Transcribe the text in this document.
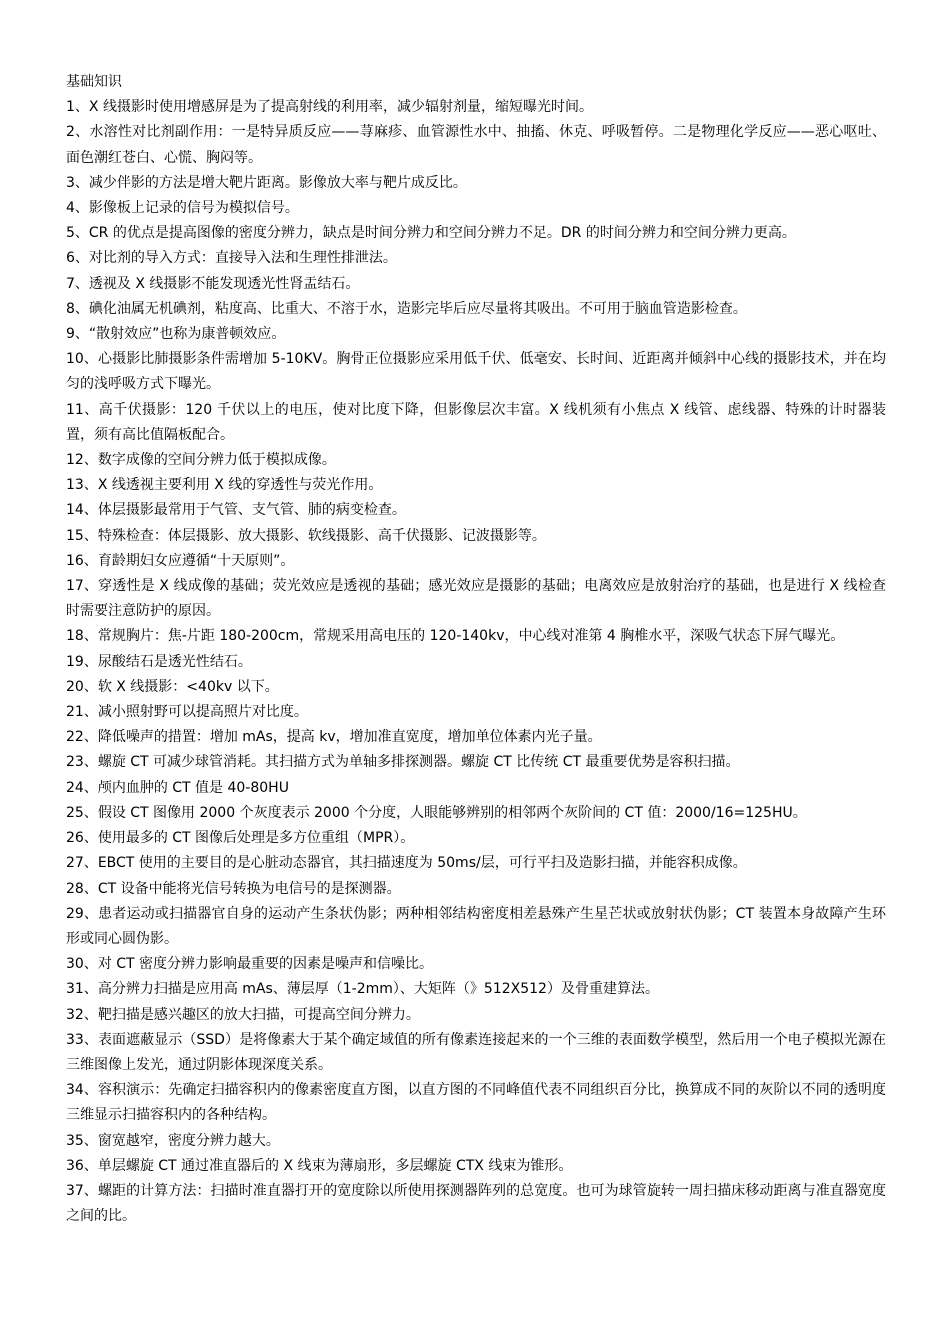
基础知识

1、X 线摄影时使用增感屏是为了提高射线的利用率，减少辐射剂量，缩短曝光时间。

2、水溶性对比剂副作用：一是特异质反应——荨麻疹、血管源性水中、抽搐、休克、呼吸暂停。二是物理化学反应——恶心呕吐、面色潮红苍白、心慌、胸闷等。

3、减少伴影的方法是增大靶片距离。影像放大率与靶片成反比。

4、影像板上记录的信号为模拟信号。

5、CR 的优点是提高图像的密度分辨力，缺点是时间分辨力和空间分辨力不足。DR 的时间分辨力和空间分辨力更高。

6、对比剂的导入方式：直接导入法和生理性排泄法。

7、透视及 X 线摄影不能发现透光性肾盂结石。

8、碘化油属无机碘剂，粘度高、比重大、不溶于水，造影完毕后应尽量将其吸出。不可用于脑血管造影检查。

9、“散射效应”也称为康普顿效应。

10、心摄影比肺摄影条件需增加 5-10KV。胸骨正位摄影应采用低千伏、低毫安、长时间、近距离并倾斜中心线的摄影技术，并在均匀的浅呼吸方式下曝光。

11、高千伏摄影：120 千伏以上的电压，使对比度下降，但影像层次丰富。X 线机须有小焦点 X 线管、虑线器、特殊的计时器装置，须有高比值隔板配合。

12、数字成像的空间分辨力低于模拟成像。

13、X 线透视主要利用 X 线的穿透性与荧光作用。

14、体层摄影最常用于气管、支气管、肺的病变检查。

15、特殊检查：体层摄影、放大摄影、软线摄影、高千伏摄影、记波摄影等。

16、育龄期妇女应遵循“十天原则”。

17、穿透性是 X 线成像的基础；荧光效应是透视的基础；感光效应是摄影的基础；电离效应是放射治疗的基础，也是进行 X 线检查时需要注意防护的原因。

18、常规胸片：焦-片距 180-200cm，常规采用高电压的 120-140kv，中心线对准第 4 胸椎水平，深吸气状态下屏气曝光。

19、尿酸结石是透光性结石。

20、软 X 线摄影：<40kv 以下。

21、减小照射野可以提高照片对比度。

22、降低噪声的措置：增加 mAs，提高 kv，增加准直宽度，增加单位体素内光子量。

23、螺旋 CT 可减少球管消耗。其扫描方式为单轴多排探测器。螺旋 CT 比传统 CT 最重要优势是容积扫描。

24、颅内血肿的 CT 值是 40-80HU

25、假设 CT 图像用 2000 个灰度表示 2000 个分度，人眼能够辨别的相邻两个灰阶间的 CT 值：2000/16=125HU。

26、使用最多的 CT 图像后处理是多方位重组（MPR）。

27、EBCT 使用的主要目的是心脏动态器官，其扫描速度为 50ms/层，可行平扫及造影扫描，并能容积成像。

28、CT 设备中能将光信号转换为电信号的是探测器。

29、患者运动或扫描器官自身的运动产生条状伪影；两种相邻结构密度相差悬殊产生星芒状或放射状伪影；CT 装置本身故障产生环形或同心圆伪影。

30、对 CT 密度分辨力影响最重要的因素是噪声和信噪比。

31、高分辨力扫描是应用高 mAs、薄层厚（1-2mm）、大矩阵（》512X512）及骨重建算法。

32、靶扫描是感兴趣区的放大扫描，可提高空间分辨力。

33、表面遮蔽显示（SSD）是将像素大于某个确定域值的所有像素连接起来的一个三维的表面数学模型，然后用一个电子模拟光源在三维图像上发光，通过阴影体现深度关系。

34、容积演示：先确定扫描容积内的像素密度直方图，以直方图的不同峰值代表不同组织百分比，换算成不同的灰阶以不同的透明度三维显示扫描容积内的各种结构。

35、窗宽越窄，密度分辨力越大。

36、单层螺旋 CT 通过准直器后的 X 线束为薄扇形，多层螺旋 CTX 线束为锥形。

37、螺距的计算方法：扫描时准直器打开的宽度除以所使用探测器阵列的总宽度。也可为球管旋转一周扫描床移动距离与准直器宽度之间的比。
